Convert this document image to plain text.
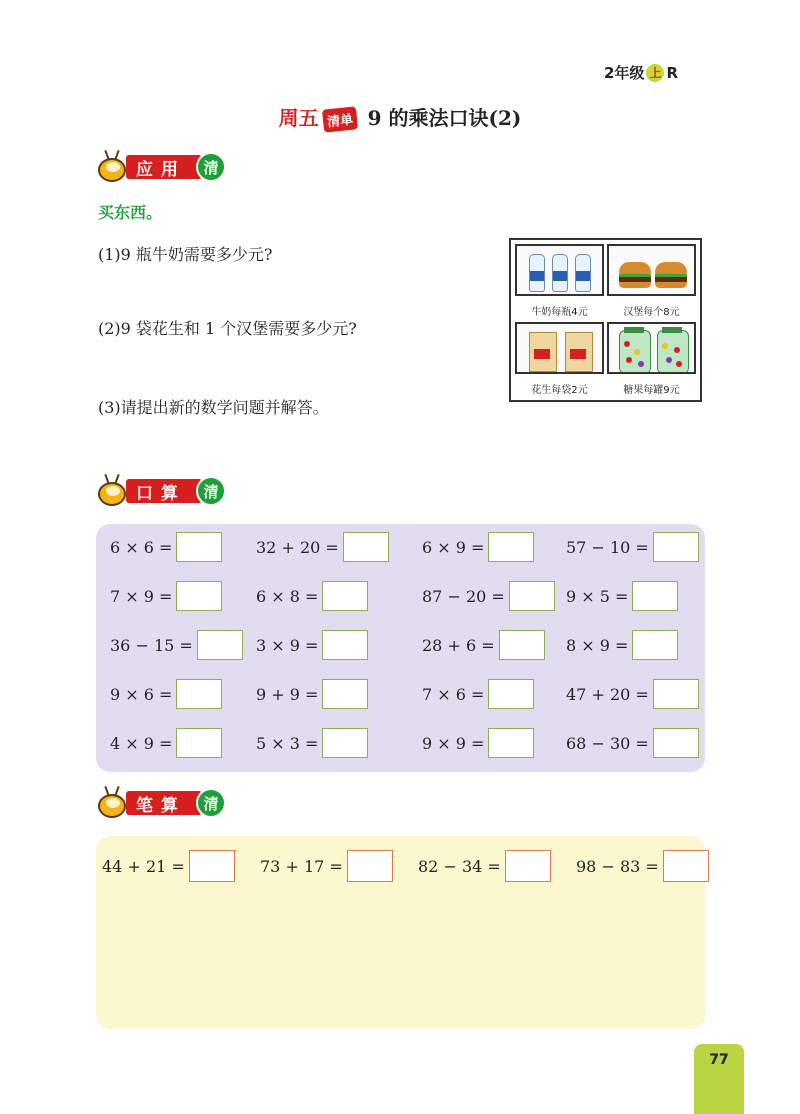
2年级 上 R
周五 清单 9 的乘法口诀(2)
应用	清
买东西。
(1)9 瓶牛奶需要多少元?
(2)9 袋花生和 1 个汉堡需要多少元?
(3)请提出新的数学问题并解答。
牛奶每瓶4元	汉堡每个8元
花生每袋2元	糖果每罐9元
口算	清
6 × 6 =	32 + 20 =	6 × 9 =	57 − 10 =
7 × 9 =	6 × 8 =	87 − 20 =	9 × 5 =
36 − 15 =	3 × 9 =	28 + 6 =	8 × 9 =
9 × 6 =	9 + 9 =	7 × 6 =	47 + 20 =
4 × 9 =	5 × 3 =	9 × 9 =	68 − 30 =
笔算	清
44 + 21 =	73 + 17 =	82 − 34 =	98 − 83 =
77
